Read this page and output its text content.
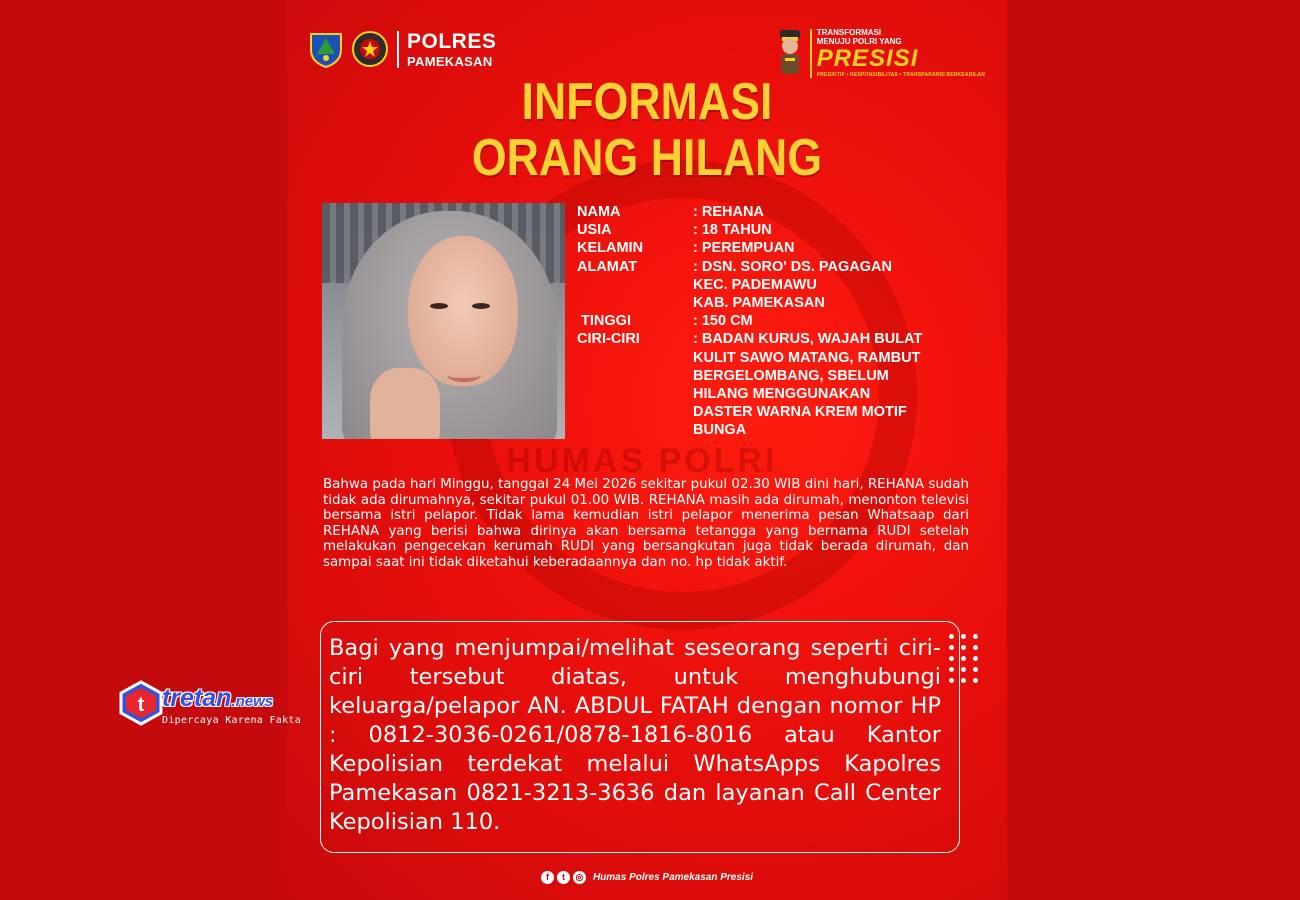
HUMAS POLRI
POLRES
PAMEKASAN
TRANSFORMASI
MENUJU POLRI YANG
PRESISI
PREDIKTIF • RESPONSIBILITAS • TRANSPARANSI BERKEADILAN
INFORMASI
ORANG HILANG
NAMA	: REHANA
USIA	: 18 TAHUN
KELAMIN	: PEREMPUAN
ALAMAT	: DSN. SORO' DS. PAGAGAN
KEC. PADEMAWU
KAB. PAMEKASAN
TINGGI	: 150 CM
CIRI-CIRI	: BADAN KURUS, WAJAH BULAT
KULIT SAWO MATANG, RAMBUT
BERGELOMBANG, SBELUM
HILANG MENGGUNAKAN
DASTER WARNA KREM MOTIF
BUNGA
Bahwa pada hari Minggu, tanggal 24 Mei 2026 sekitar pukul 02.30 WIB dini hari, REHANA sudah tidak ada dirumahnya, sekitar pukul 01.00 WIB. REHANA masih ada dirumah, menonton televisi bersama istri pelapor. Tidak lama kemudian istri pelapor menerima pesan Whatsaap dari REHANA yang berisi bahwa dirinya akan bersama tetangga yang bernama RUDI setelah melakukan pengecekan kerumah RUDI yang bersangkutan juga tidak berada dirumah, dan sampai saat ini tidak diketahui keberadaannya dan no. hp tidak aktif.
Bagi yang menjumpai/melihat seseorang seperti ciri-ciri tersebut diatas, untuk menghubungi keluarga/pelapor AN. ABDUL FATAH dengan nomor HP : 0812-3036-0261/0878-1816-8016 atau Kantor Kepolisian terdekat melalui WhatsApps Kapolres Pamekasan 0821-3213-3636 dan layanan Call Center Kepolisian 110.
f	t	◎ Humas Polres Pamekasan Presisi
t tretan.news
Dipercaya Karena Fakta
